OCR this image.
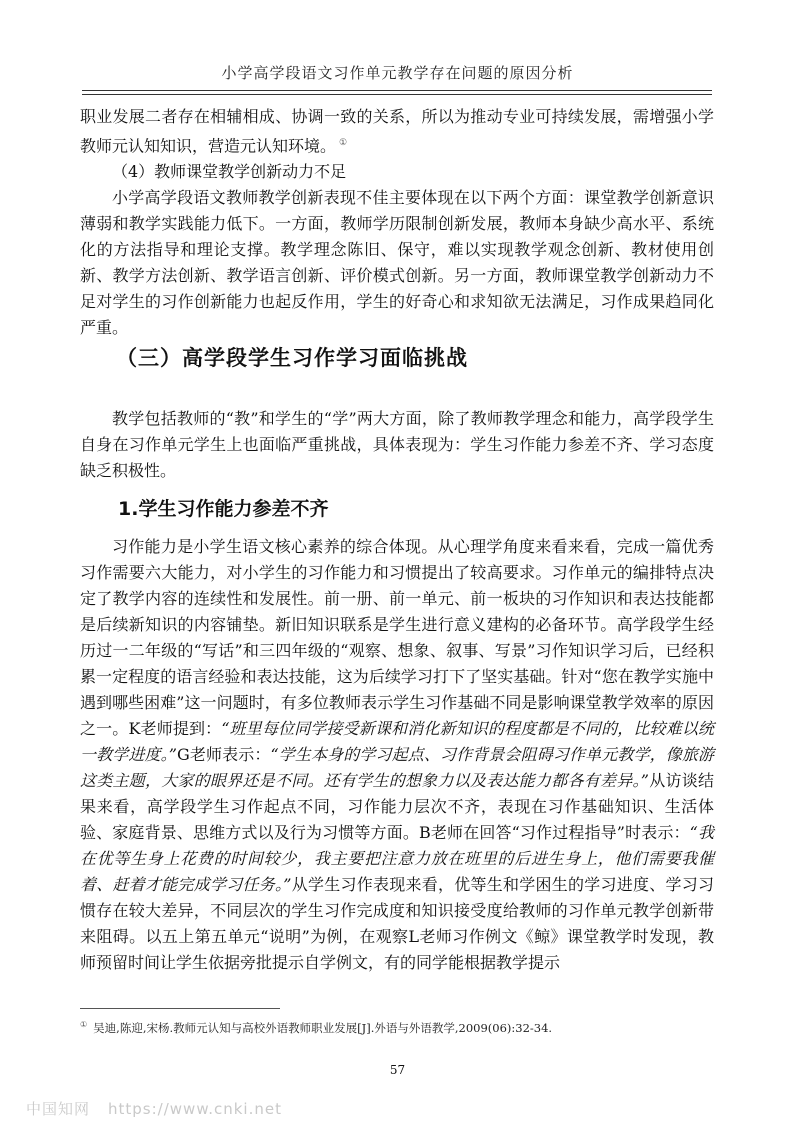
小学高学段语文习作单元教学存在问题的原因分析

职业发展二者存在相辅相成、协调一致的关系，所以为推动专业可持续发展，需增强小学教师元认知知识，营造元认知环境。 ①

（4）教师课堂教学创新动力不足

小学高学段语文教师教学创新表现不佳主要体现在以下两个方面：课堂教学创新意识薄弱和教学实践能力低下。一方面，教师学历限制创新发展，教师本身缺少高水平、系统化的方法指导和理论支撑。教学理念陈旧、保守，难以实现教学观念创新、教材使用创新、教学方法创新、教学语言创新、评价模式创新。另一方面，教师课堂教学创新动力不足对学生的习作创新能力也起反作用，学生的好奇心和求知欲无法满足，习作成果趋同化严重。

（三）高学段学生习作学习面临挑战

教学包括教师的“教”和学生的“学”两大方面，除了教师教学理念和能力，高学段学生自身在习作单元学生上也面临严重挑战，具体表现为：学生习作能力参差不齐、学习态度缺乏积极性。

1.学生习作能力参差不齐

习作能力是小学生语文核心素养的综合体现。从心理学角度来看来看，完成一篇优秀习作需要六大能力，对小学生的习作能力和习惯提出了较高要求。习作单元的编排特点决定了教学内容的连续性和发展性。前一册、前一单元、前一板块的习作知识和表达技能都是后续新知识的内容铺垫。新旧知识联系是学生进行意义建构的必备环节。高学段学生经历过一二年级的“写话”和三四年级的“观察、想象、叙事、写景”习作知识学习后，已经积累一定程度的语言经验和表达技能，这为后续学习打下了坚实基础。针对“您在教学实施中遇到哪些困难”这一问题时，有多位教师表示学生习作基础不同是影响课堂教学效率的原因之一。K老师提到：“班里每位同学接受新课和消化新知识的程度都是不同的，比较难以统一教学进度。”G老师表示：“学生本身的学习起点、习作背景会阻碍习作单元教学，像旅游这类主题，大家的眼界还是不同。还有学生的想象力以及表达能力都各有差异。”从访谈结果来看，高学段学生习作起点不同，习作能力层次不齐，表现在习作基础知识、生活体验、家庭背景、思维方式以及行为习惯等方面。B老师在回答“习作过程指导”时表示：“我在优等生身上花费的时间较少，我主要把注意力放在班里的后进生身上，他们需要我催着、赶着才能完成学习任务。”从学生习作表现来看，优等生和学困生的学习进度、学习习惯存在较大差异，不同层次的学生习作完成度和知识接受度给教师的习作单元教学创新带来阻碍。以五上第五单元“说明”为例，在观察L老师习作例文《鲸》课堂教学时发现，教师预留时间让学生依据旁批提示自学例文，有的同学能根据教学提示

① 吴迪,陈迎,宋杨.教师元认知与高校外语教师职业发展[J].外语与外语教学,2009(06):32-34.
57
中国知网 https://www.cnki.net
